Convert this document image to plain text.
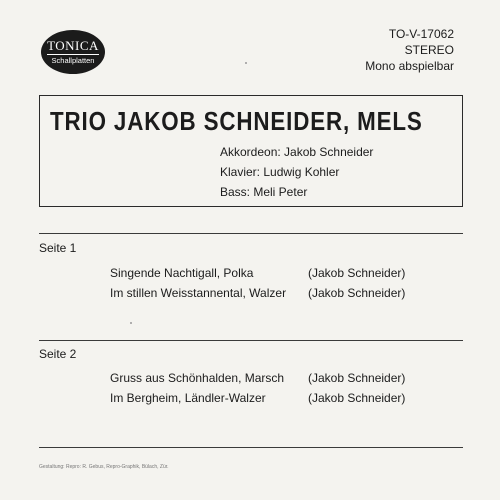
TONICA
Schallplatten
TO-V-17062
STEREO
Mono abspielbar
TRIO JAKOB SCHNEIDER, MELS
Akkordeon: Jakob Schneider
Klavier: Ludwig Kohler
Bass: Meli Peter
Seite 1
Singende Nachtigall, Polka	(Jakob Schneider)
Im stillen Weisstannental, Walzer (Jakob Schneider)
Seite 2
Gruss aus Schönhalden, Marsch (Jakob Schneider)
Im Bergheim, Ländler-Walzer	(Jakob Schneider)
Gestaltung: Repro: R. Gebus, Repro-Graphik, Bülach, Zür.
